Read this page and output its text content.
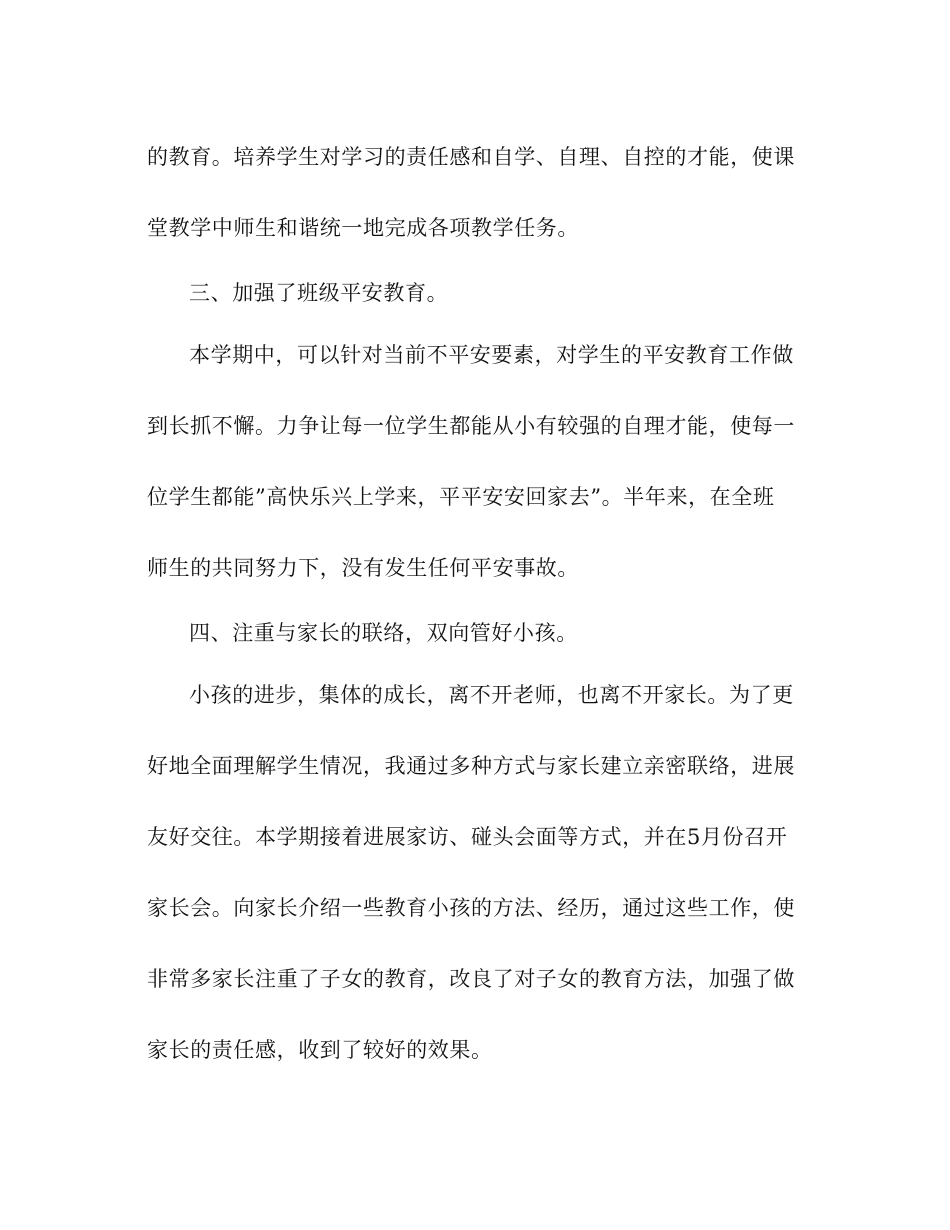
的教育。培养学生对学习的责任感和自学、自理、自控的才能，使课
堂教学中师生和谐统一地完成各项教学任务。
三、加强了班级平安教育。
本学期中，可以针对当前不平安要素，对学生的平安教育工作做
到长抓不懈。力争让每一位学生都能从小有较强的自理才能，使每一
位学生都能”高快乐兴上学来，平平安安回家去”。半年来，在全班
师生的共同努力下，没有发生任何平安事故。
四、注重与家长的联络，双向管好小孩。
小孩的进步，集体的成长，离不开老师，也离不开家长。为了更
好地全面理解学生情况，我通过多种方式与家长建立亲密联络，进展
友好交往。本学期接着进展家访、碰头会面等方式，并在5月份召开
家长会。向家长介绍一些教育小孩的方法、经历，通过这些工作，使
非常多家长注重了子女的教育，改良了对子女的教育方法，加强了做
家长的责任感，收到了较好的效果。
